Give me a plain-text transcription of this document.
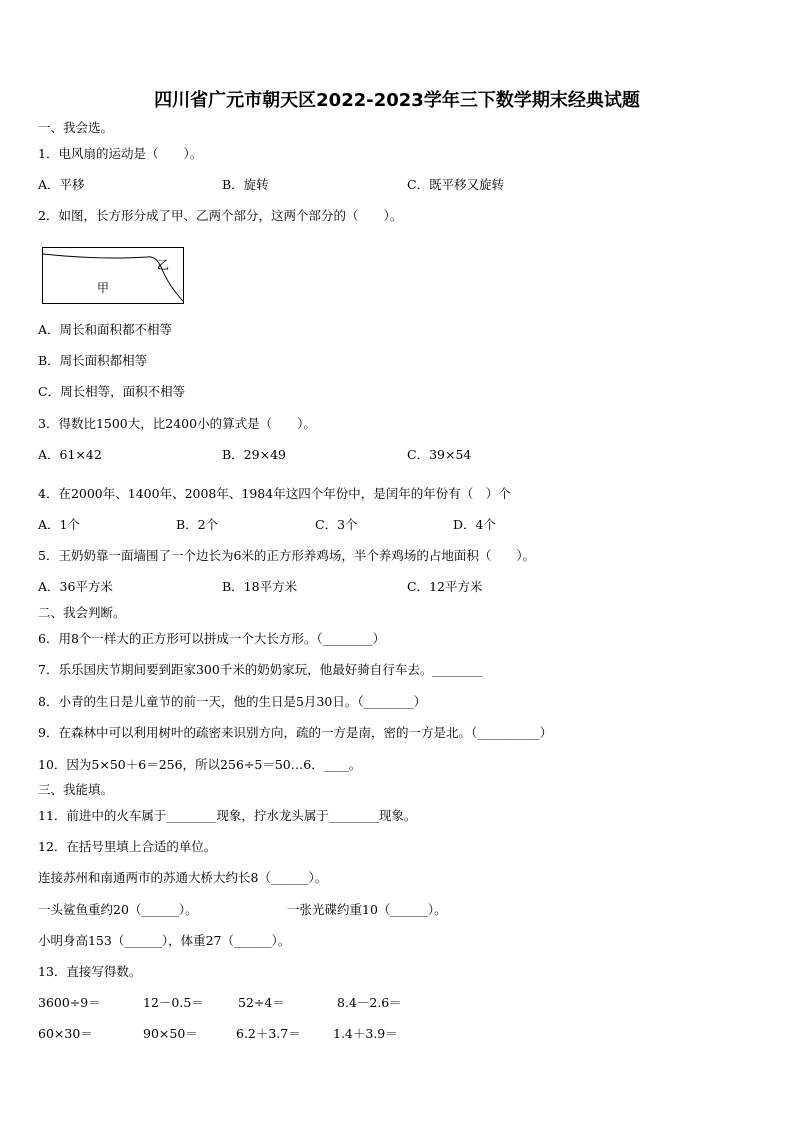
四川省广元市朝天区2022-2023学年三下数学期末经典试题
一、我会选。
1．电风扇的运动是（　　）。
A．平移	B．旋转	C．既平移又旋转
2．如图，长方形分成了甲、乙两个部分，这两个部分的（　　）。
乙
甲
A．周长和面积都不相等
B．周长面积都相等
C．周长相等，面积不相等
3．得数比1500大，比2400小的算式是（　　）。
A．61×42	B．29×49	C．39×54
4．在2000年、1400年、2008年、1984年这四个年份中，是闰年的年份有（　）个
A．1个	B．2个	C．3个	D．4个
5．王奶奶靠一面墙围了一个边长为6米的正方形养鸡场，半个养鸡场的占地面积（　　）。
A．36平方米	B．18平方米	C．12平方米
二、我会判断。
6．用8个一样大的正方形可以拼成一个大长方形。（________）
7．乐乐国庆节期间要到距家300千米的奶奶家玩，他最好骑自行车去。________
8．小青的生日是儿童节的前一天，他的生日是5月30日。（________）
9．在森林中可以利用树叶的疏密来识别方向，疏的一方是南，密的一方是北。（__________）
10．因为5×50＋6＝256，所以256÷5＝50…6．____。
三、我能填。
11．前进中的火车属于________现象，拧水龙头属于________现象。
12．在括号里填上合适的单位。
连接苏州和南通两市的苏通大桥大约长8（______）。
一头鲨鱼重约20（______）。	一张光碟约重10（______）。
小明身高153（______），体重27（______）。
13．直接写得数。
3600÷9＝	12－0.5＝	52÷4＝	8.4－2.6＝
60×30＝	90×50＝	6.2＋3.7＝	1.4＋3.9＝
